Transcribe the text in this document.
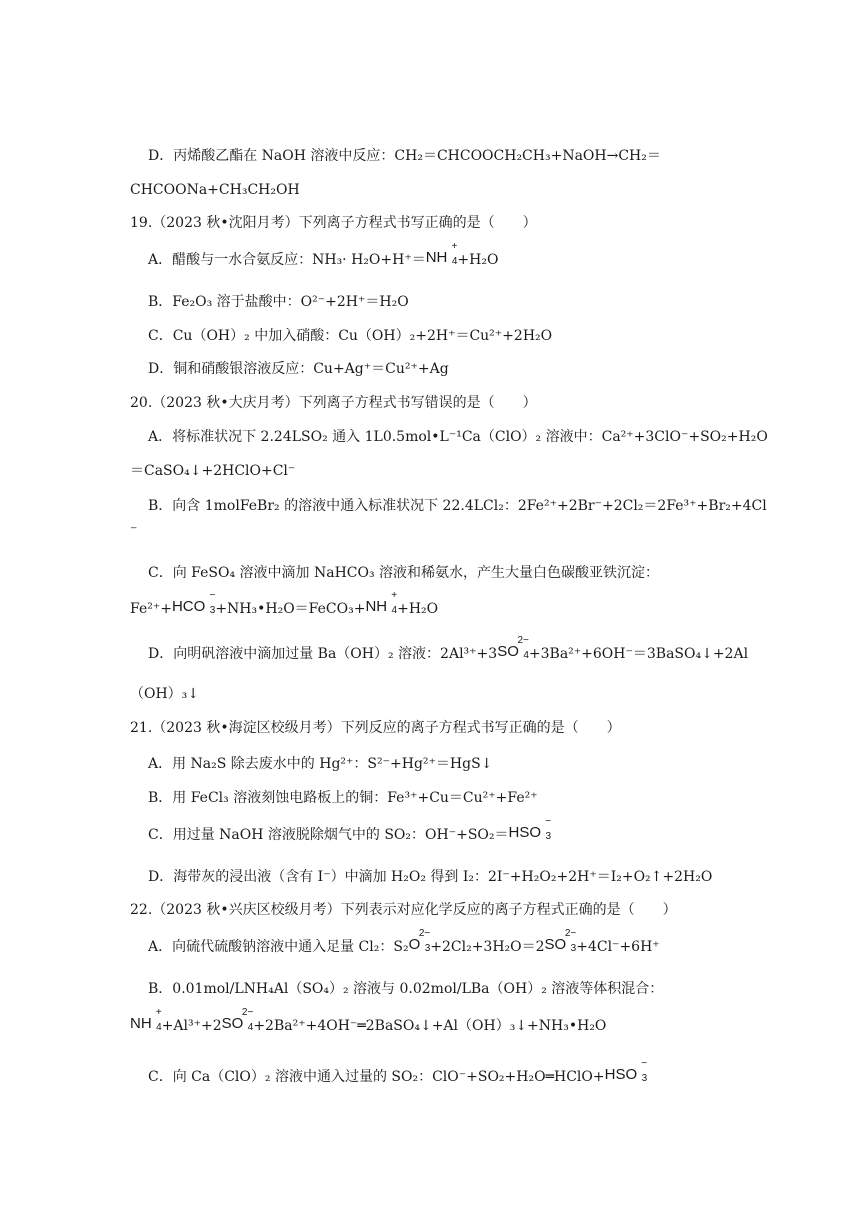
D．丙烯酸乙酯在 NaOH 溶液中反应：CH₂＝CHCOOCH₂CH₃+NaOH→CH₂＝
CHCOONa+CH₃CH₂OH
19.（2023 秋•沈阳月考）下列离子方程式书写正确的是（　　）
A．醋酸与一水合氨反应：NH₃· H₂O+H⁺＝NH
+
4 +H₂O
B．Fe₂O₃ 溶于盐酸中：O²⁻+2H⁺＝H₂O
C．Cu（OH）₂ 中加入硝酸：Cu（OH）₂+2H⁺＝Cu²⁺+2H₂O
D．铜和硝酸银溶液反应：Cu+Ag⁺＝Cu²⁺+Ag
20.（2023 秋•大庆月考）下列离子方程式书写错误的是（　　）
A．将标准状况下 2.24LSO₂ 通入 1L0.5mol•L⁻¹Ca（ClO）₂ 溶液中：Ca²⁺+3ClO⁻+SO₂+H₂O
＝CaSO₄↓+2HClO+Cl⁻
B．向含 1molFeBr₂ 的溶液中通入标准状况下 22.4LCl₂：2Fe²⁺+2Br⁻+2Cl₂＝2Fe³⁺+Br₂+4Cl
⁻
C．向 FeSO₄ 溶液中滴加 NaHCO₃ 溶液和稀氨水，产生大量白色碳酸亚铁沉淀：
Fe²⁺+HCO
−
3 +NH₃•H₂O＝FeCO₃+NH
+
4 +H₂O
D．向明矾溶液中滴加过量 Ba（OH）₂ 溶液：2Al³⁺+3SO
2−
4 +3Ba²⁺+6OH⁻＝3BaSO₄↓+2Al
（OH）₃↓
21.（2023 秋•海淀区校级月考）下列反应的离子方程式书写正确的是（　　）
A．用 Na₂S 除去废水中的 Hg²⁺：S²⁻+Hg²⁺＝HgS↓
B．用 FeCl₃ 溶液刻蚀电路板上的铜：Fe³⁺+Cu＝Cu²⁺+Fe²⁺
C．用过量 NaOH 溶液脱除烟气中的 SO₂：OH⁻+SO₂＝HSO
−
3
D．海带灰的浸出液（含有 I⁻）中滴加 H₂O₂ 得到 I₂：2I⁻+H₂O₂+2H⁺＝I₂+O₂↑+2H₂O
22.（2023 秋•兴庆区校级月考）下列表示对应化学反应的离子方程式正确的是（　　）
A．向硫代硫酸钠溶液中通入足量 Cl₂：S₂O
2−
3 +2Cl₂+3H₂O＝2SO
2−
3 +4Cl⁻+6H⁺
B．0.01mol/LNH₄Al（SO₄）₂ 溶液与 0.02mol/LBa（OH）₂ 溶液等体积混合：
NH
+
4 +Al³⁺+2SO
2−
4 +2Ba²⁺+4OH⁻═2BaSO₄↓+Al（OH）₃↓+NH₃•H₂O
C．向 Ca（ClO）₂ 溶液中通入过量的 SO₂：ClO⁻+SO₂+H₂O═HClO+HSO
−
3
